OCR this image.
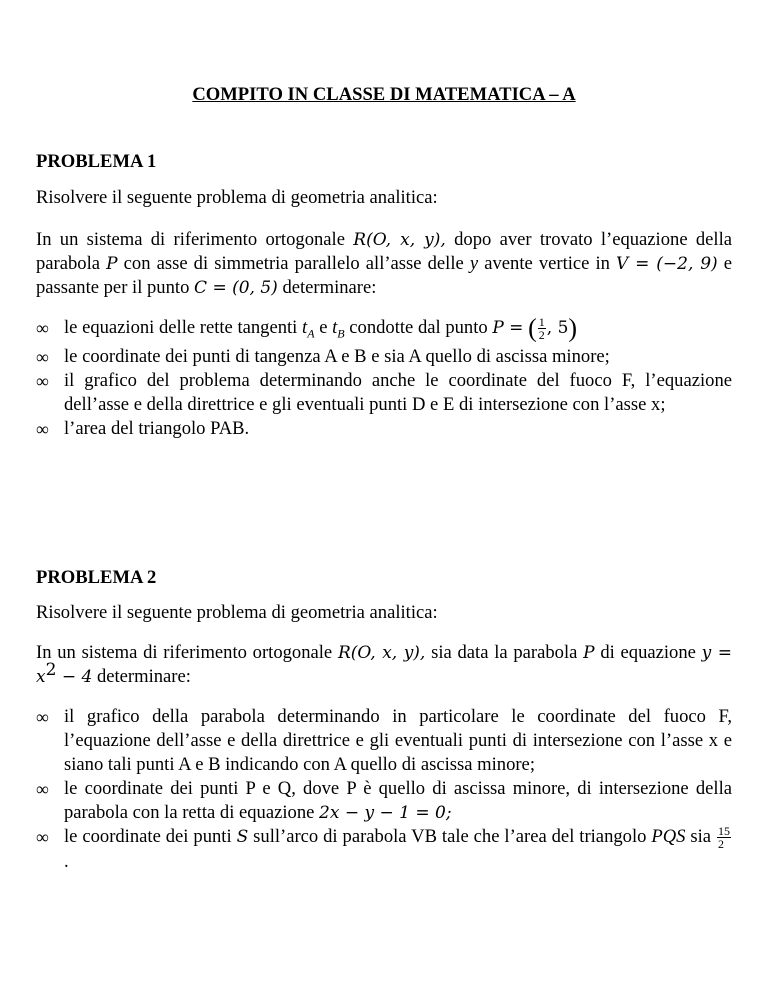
COMPITO IN CLASSE DI MATEMATICA – A
PROBLEMA 1
Risolvere il seguente problema di geometria analitica:
In un sistema di riferimento ortogonale R(O, x, y), dopo aver trovato l’equazione della parabola P con asse di simmetria parallelo all’asse delle y avente vertice in V = (−2, 9) e passante per il punto C = (0, 5) determinare:
∞ le equazioni delle rette tangenti $t_A$ e $t_B$ condotte dal punto P = ( $\frac{1}{2}$ , 5)
∞ le coordinate dei punti di tangenza A e B e sia A quello di ascissa minore;
∞ il grafico del problema determinando anche le coordinate del fuoco F, l’equazione dell’asse e della direttrice e gli eventuali punti D e E di intersezione con l’asse x;
∞ l’area del triangolo PAB.
PROBLEMA 2
Risolvere il seguente problema di geometria analitica:
In un sistema di riferimento ortogonale R(O, x, y), sia data la parabola P di equazione $y = x^2 - 4$ determinare:
∞ il grafico della parabola determinando in particolare le coordinate del fuoco F, l’equazione dell’asse e della direttrice e gli eventuali punti di intersezione con l’asse x e siano tali punti A e B indicando con A quello di ascissa minore;
∞ le coordinate dei punti P e Q, dove P è quello di ascissa minore, di intersezione della parabola con la retta di equazione 2x − y − 1 = 0;
∞ le coordinate dei punti S sull’arco di parabola VB tale che l’area del triangolo PQS sia $\frac{15}{2}$
.
